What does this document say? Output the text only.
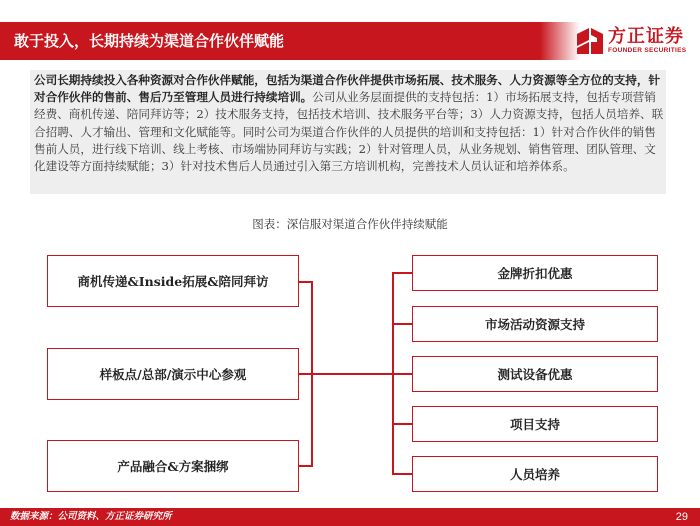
敢于投入，长期持续为渠道合作伙伴赋能	方正证券
FOUNDER SECURITIES

公司长期持续投入各种资源对合作伙伴赋能，包括为渠道合作伙伴提供市场拓展、技术服务、人力资源等全方位的支持，针对合作伙伴的售前、售后乃至管理人员进行持续培训。公司从业务层面提供的支持包括：1）市场拓展支持，包括专项营销经费、商机传递、陪同拜访等；2）技术服务支持，包括技术培训、技术服务平台等；3）人力资源支持，包括人员培养、联合招聘、人才输出、管理和文化赋能等。同时公司为渠道合作伙伴的人员提供的培训和支持包括：1）针对合作伙伴的销售售前人员，进行线下培训、线上考核、市场端协同拜访与实践；2）针对管理人员，从业务规划、销售管理、团队管理、文化建设等方面持续赋能；3）针对技术售后人员通过引入第三方培训机构，完善技术人员认证和培养体系。

图表：深信服对渠道合作伙伴持续赋能
商机传递&Inside拓展&陪同拜访
样板点/总部/演示中心参观
产品融合&方案捆绑
金牌折扣优惠
市场活动资源支持
测试设备优惠
项目支持
人员培养
数据来源：公司资料、方正证券研究所	29
